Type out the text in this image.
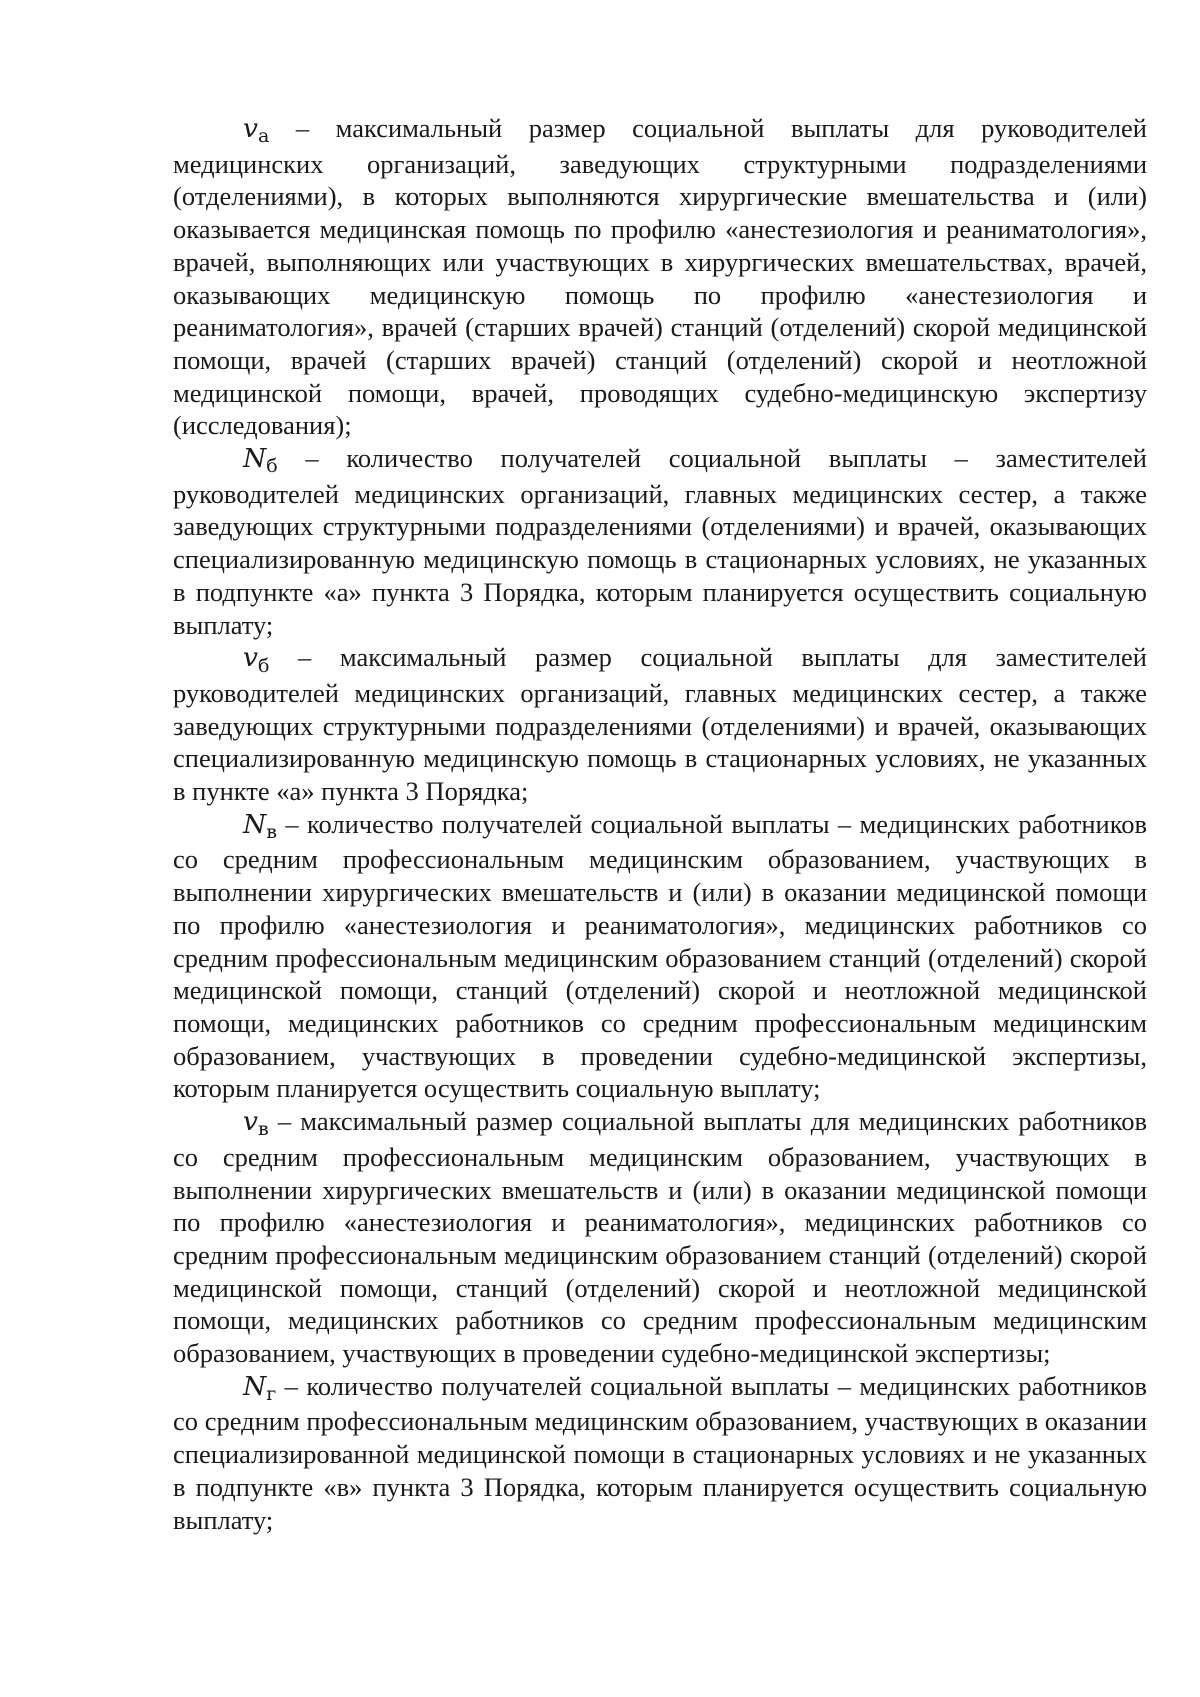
$v_а$ – максимальный размер социальной выплаты для руководителей медицинских организаций, заведующих структурными подразделениями (отделениями), в которых выполняются хирургические вмешательства и (или) оказывается медицинская помощь по профилю «анестезиология и реаниматология», врачей, выполняющих или участвующих в хирургических вмешательствах, врачей, оказывающих медицинскую помощь по профилю «анестезиология и реаниматология», врачей (старших врачей) станций (отделений) скорой медицинской помощи, врачей (старших врачей) станций (отделений) скорой и неотложной медицинской помощи, врачей, проводящих судебно-медицинскую экспертизу (исследования);

$N_б$ – количество получателей социальной выплаты – заместителей руководителей медицинских организаций, главных медицинских сестер, а также заведующих структурными подразделениями (отделениями) и врачей, оказывающих специализированную медицинскую помощь в стационарных условиях, не указанных в подпункте «а» пункта 3 Порядка, которым планируется осуществить социальную выплату;

$v_б$ – максимальный размер социальной выплаты для заместителей руководителей медицинских организаций, главных медицинских сестер, а также заведующих структурными подразделениями (отделениями) и врачей, оказывающих специализированную медицинскую помощь в стационарных условиях, не указанных в пункте «а» пункта 3 Порядка;

$N_в$ – количество получателей социальной выплаты – медицинских работников со средним профессиональным медицинским образованием, участвующих в выполнении хирургических вмешательств и (или) в оказании медицинской помощи по профилю «анестезиология и реаниматология», медицинских работников со средним профессиональным медицинским образованием станций (отделений) скорой медицинской помощи, станций (отделений) скорой и неотложной медицинской помощи, медицинских работников со средним профессиональным медицинским образованием, участвующих в проведении судебно-медицинской экспертизы, которым планируется осуществить социальную выплату;

$v_в$ – максимальный размер социальной выплаты для медицинских работников со средним профессиональным медицинским образованием, участвующих в выполнении хирургических вмешательств и (или) в оказании медицинской помощи по профилю «анестезиология и реаниматология», медицинских работников со средним профессиональным медицинским образованием станций (отделений) скорой медицинской помощи, станций (отделений) скорой и неотложной медицинской помощи, медицинских работников со средним профессиональным медицинским образованием, участвующих в проведении судебно-медицинской экспертизы;

$N_г$ – количество получателей социальной выплаты – медицинских работников со средним профессиональным медицинским образованием, участвующих в оказании специализированной медицинской помощи в стационарных условиях и не указанных в подпункте «в» пункта 3 Порядка, которым планируется осуществить социальную выплату;
